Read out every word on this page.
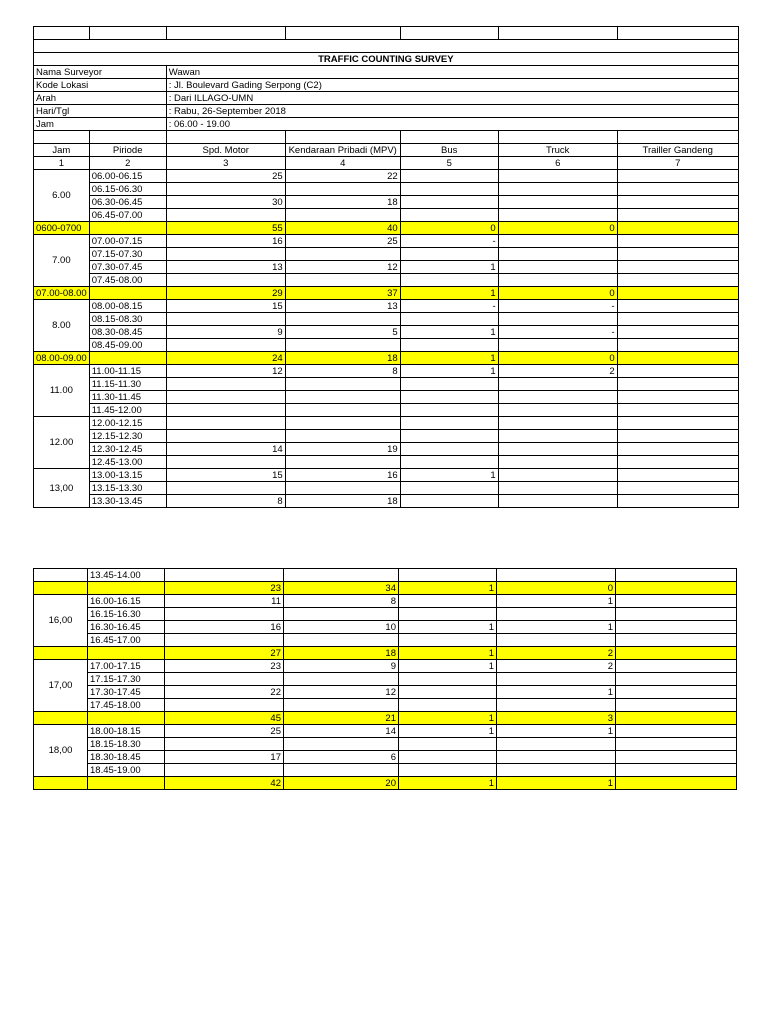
TRAFFIC COUNTING SURVEY						
Nama Surveyor		Wawan				
Kode Lokasi		: Jl. Boulevard Gading Serpong (C2)				
Arah		: Dari ILLAGO-UMN				
Hari/Tgl		: Rabu, 26-September 2018				
Jam		: 06.00 - 19.00				

Jam	Piriode	Spd. Motor	Kendaraan Pribadi (MPV)	Bus	Truck	Trailler Gandeng
1	2	3	4	5	6	7
6.00	06.00-06.15	25	22			
	06.15-06.30					
	06.30-06.45	30	18			
	06.45-07.00					
0600-0700		55	40	0	0	
7.00	07.00-07.15	16	25	-		
	07.15-07.30					
	07.30-07.45	13	12	1		
	07.45-08.00					
07.00-08.00		29	37	1	0	
8.00	08.00-08.15	15	13	-	-	
	08.15-08.30					
	08.30-08.45	9	5	1	-	
	08.45-09.00					
08.00-09.00		24	18	1	0	
11.00	11.00-11.15	12	8	1	2	
	11.15-11.30					
	11.30-11.45					
	11.45-12.00					
12.00	12.00-12.15					
	12.15-12.30					
	12.30-12.45	14	19			
	12.45-13.00					
13,00	13.00-13.15	15	16	1		
	13.15-13.30					
	13.30-13.45	8	18			
	13.45-14.00					
		23	34	1	0	
16,00	16.00-16.15	11	8		1	
	16.15-16.30					
	16.30-16.45	16	10	1	1	
	16.45-17.00					
		27	18	1	2	
17,00	17.00-17.15	23	9	1	2	
	17.15-17.30					
	17.30-17.45	22	12		1	
	17.45-18.00					
		45	21	1	3	
18,00	18.00-18.15	25	14	1	1	
	18.15-18.30					
	18.30-18.45	17	6			
	18.45-19.00					
		42	20	1	1	
